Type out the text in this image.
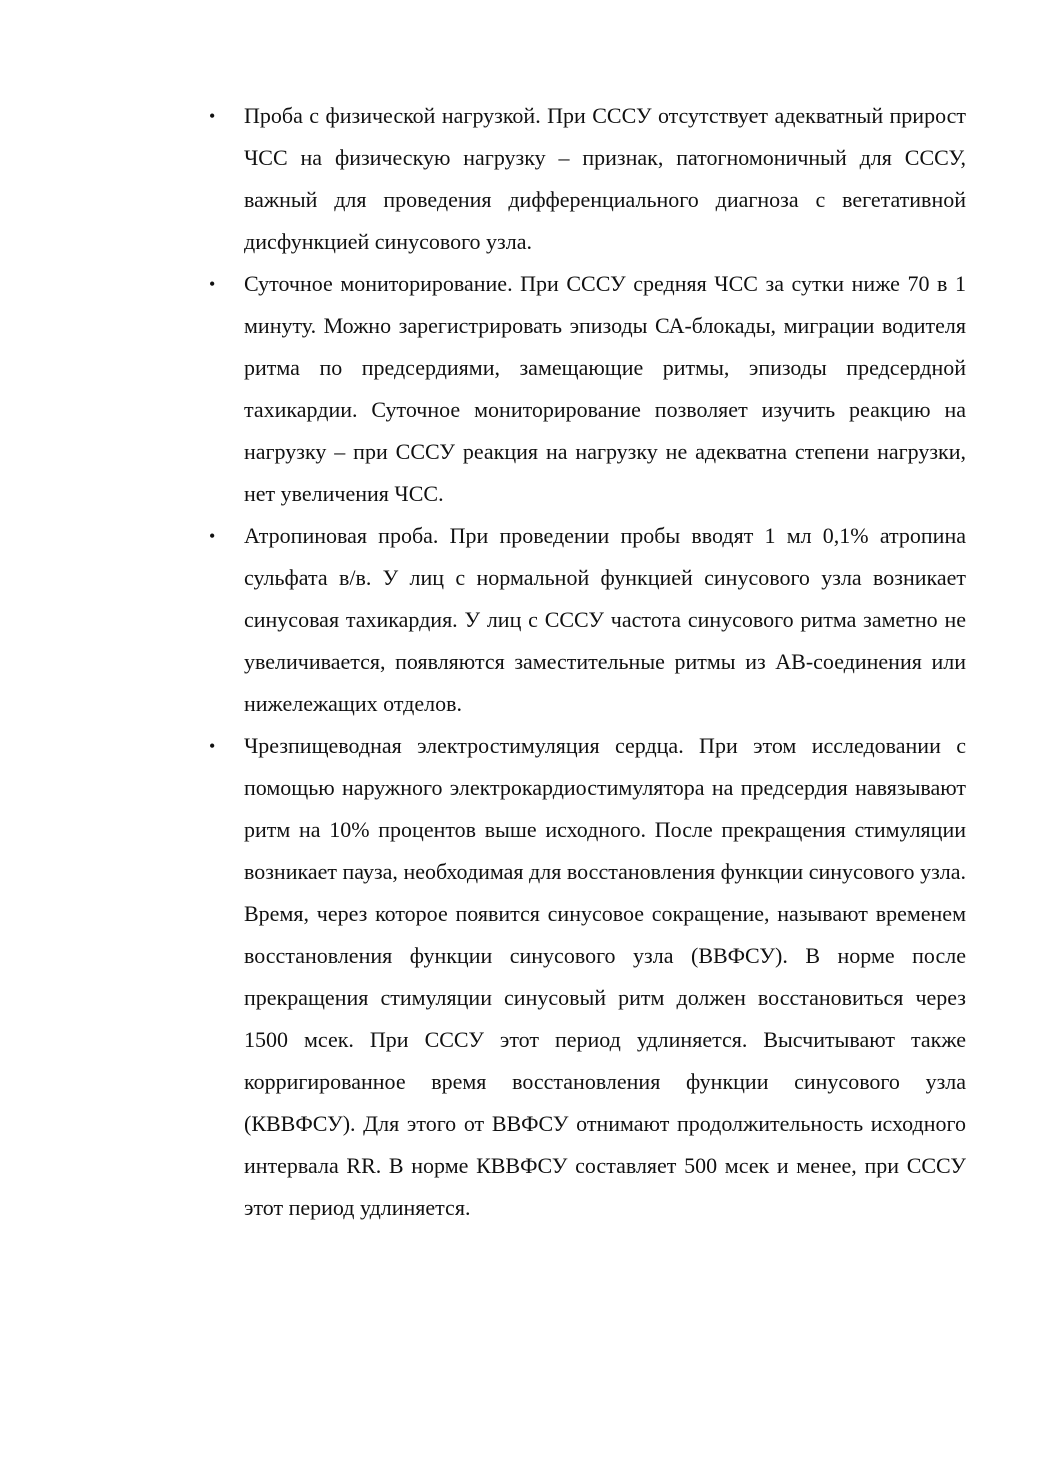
• Проба с физической нагрузкой. При СССУ отсутствует адекватный прирост ЧСС на физическую нагрузку – признак, патогномоничный для СССУ, важный для проведения дифференциального диагноза с вегетативной дисфункцией синусового узла.
• Суточное мониторирование. При СССУ средняя ЧСС за сутки ниже 70 в 1 минуту. Можно зарегистрировать эпизоды СА-блокады, миграции водителя ритма по предсердиями, замещающие ритмы, эпизоды предсердной тахикардии. Суточное мониторирование позволяет изучить реакцию на нагрузку – при СССУ реакция на нагрузку не адекватна степени нагрузки, нет увеличения ЧСС.
• Атропиновая проба. При проведении пробы вводят 1 мл 0,1% атропина сульфата в/в. У лиц с нормальной функцией синусового узла возникает синусовая тахикардия. У лиц с СССУ частота синусового ритма заметно не увеличивается, появляются заместительные ритмы из АВ-соединения или нижележащих отделов.
• Чрезпищеводная электростимуляция сердца. При этом исследовании с помощью наружного электрокардиостимулятора на предсердия навязывают ритм на 10% процентов выше исходного. После прекращения стимуляции возникает пауза, необходимая для восстановления функции синусового узла. Время, через которое появится синусовое сокращение, называют временем восстановления функции синусового узла (ВВФСУ). В норме после прекращения стимуляции синусовый ритм должен восстановиться через 1500 мсек. При СССУ этот период удлиняется. Высчитывают также корригированное время восстановления функции синусового узла (КВВФСУ). Для этого от ВВФСУ отнимают продолжительность исходного интервала RR. В норме КВВФСУ составляет 500 мсек и менее, при СССУ этот период удлиняется.
